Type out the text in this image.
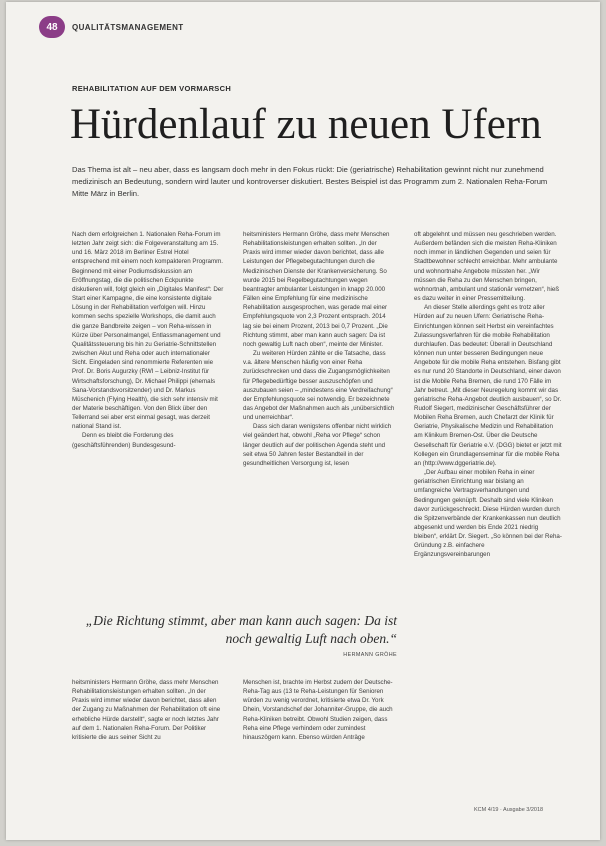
48	QUALITÄTSMANAGEMENT
REHABILITATION AUF DEM VORMARSCH
Hürdenlauf zu neuen Ufern
Das Thema ist alt – neu aber, dass es langsam doch mehr in den Fokus rückt: Die (geriatrische) Rehabilitation gewinnt nicht nur zunehmend medizinisch an Bedeutung, sondern wird lauter und kontroverser diskutiert. Bestes Beispiel ist das Programm zum 2. Nationalen Reha-Forum Mitte März in Berlin.

Nach dem erfolgreichen 1. Nationalen Reha-Forum im letzten Jahr zeigt sich: die Folgeveranstaltung am 15. und 16. März 2018 im Berliner Estrel Hotel entsprechend mit einem noch kompakteren Programm. Beginnend mit einer Podiumsdiskussion am Eröffnungstag, die die politischen Eckpunkte diskutieren will, folgt gleich ein „Digitales Manifest“: Der Start einer Kampagne, die eine konsistente digitale Lösung in der Rehabilitation verfolgen will. Hinzu kommen sechs spezielle Workshops, die damit auch die ganze Bandbreite zeigen – von Reha-wissen in Kürze über Personalmangel, Entlassmanagement und Qualitätssteuerung bis hin zu Geriatrie-Schnittstellen zwischen Akut und Reha oder auch internationaler Sicht. Eingeladen sind renommierte Referenten wie Prof. Dr. Boris Augurzky (RWI – Leibniz-Institut für Wirtschaftsforschung), Dr. Michael Philippi (ehemals Sana-Vorstandsvorsitzender) und Dr. Markus Müschenich (Flying Health), die sich sehr intensiv mit der Materie beschäftigen. Von den Blick über den Tellerrand sei aber erst einmal gesagt, was derzeit national Stand ist.

Denn es bleibt die Forderung des (geschäftsführenden) Bundesgesund-

heitsministers Hermann Gröhe, dass mehr Menschen Rehabilitationsleistungen erhalten sollten. „In der Praxis wird immer wieder davon berichtet, dass alle Leistungen der Pflegebegutachtungen durch die Medizinischen Dienste der Krankenversicherung. So wurde 2015 bei Regelbegutachtungen wegen beantragter ambulanter Leistungen in knapp 20.000 Fällen eine Empfehlung für eine medizinische Rehabilitation ausgesprochen, was gerade mal einer Empfehlungsquote von 2,3 Prozent entsprach. 2014 lag sie bei einem Prozent, 2013 bei 0,7 Prozent. „Die Richtung stimmt, aber man kann auch sagen: Da ist noch gewaltig Luft nach oben“, meinte der Minister.

Zu weiteren Hürden zählte er die Tatsache, dass v.a. ältere Menschen häufig von einer Reha zurückschrecken und dass die Zugangsmöglichkeiten für Pflegebedürftige besser auszuschöpfen und auszubauen seien – „mindestens eine Verdreifachung“ der Empfehlungsquote sei notwendig. Er bezeichnete das Angebot der Maßnahmen auch als „unübersichtlich und unerreichbar“.

Dass sich daran wenigstens offenbar nicht wirklich viel geändert hat, obwohl „Reha vor Pflege“ schon länger deutlich auf der politischen Agenda steht und seit etwa 50 Jahren fester Bestandteil in der gesundheitlichen Versorgung ist, lesen

oft abgelehnt und müssen neu geschrieben werden. Außerdem befänden sich die meisten Reha-Kliniken noch immer in ländlichen Gegenden und seien für Stadtbewohner schlecht erreichbar. Mehr ambulante und wohnortnahe Angebote müssten her. „Wir müssen die Reha zu den Menschen bringen, wohnortnah, ambulant und stationär vernetzen“, hieß es dazu weiter in einer Pressemitteilung.

An dieser Stelle allerdings geht es trotz aller Hürden auf zu neuen Ufern: Geriatrische Reha-Einrichtungen können seit Herbst ein vereinfachtes Zulassungsverfahren für die mobile Rehabilitation durchlaufen. Das bedeutet: Überall in Deutschland können nun unter besseren Bedingungen neue Angebote für die mobile Reha entstehen. Bisfang gibt es nur rund 20 Standorte in Deutschland, einer davon ist die Mobile Reha Bremen, die rund 170 Fälle im Jahr betreut. „Mit dieser Neuregelung kommt wir das geriatrische Reha-Angebot deutlich ausbauen“, so Dr. Rudolf Siegert, medizinischer Geschäftsführer der Mobilen Reha Bremen, auch Chefarzt der Klinik für Geriatrie, Physikalische Medizin und Rehabilitation am Klinikum Bremen-Ost. Über die Deutsche Gesellschaft für Geriatrie e.V. (DGG) bietet er jetzt mit Kollegen ein Grundlagenseminar für die mobile Reha an (http://www.dggeriatrie.de).

„Der Aufbau einer mobilen Reha in einer geriatrischen Einrichtung war bislang an umfangreiche Vertragsverhandlungen und Bedingungen geknüpft. Deshalb sind viele Kliniken davor zurückgeschreckt. Diese Hürden wurden durch die Spitzenverbände der Krankenkassen nun deutlich abgesenkt und werden bis Ende 2021 niedrig bleiben“, erklärt Dr. Siegert. „So können bei der Reha-Gründung z.B. einfachere Ergänzungsvereinbarungen

„Die Richtung stimmt, aber man kann auch sagen: Da ist noch gewaltig Luft nach oben.“
HERMANN GRÖHE

heitsministers Hermann Gröhe, dass mehr Menschen Rehabilitationsleistungen erhalten sollten. „In der Praxis wird immer wieder davon berichtet, dass allen der Zugang zu Maßnahmen der Rehabilitation oft eine erhebliche Hürde darstellt“, sagte er noch letztes Jahr auf dem 1. Nationalen Reha-Forum. Der Politiker kritisierte die aus seiner Sicht zu

Menschen ist, brachte im Herbst zudem der Deutsche-Reha-Tag aus (13 te Reha-Leistungen für Senioren würden zu wenig verordnet, kritisierte etwa Dr. York Dhein, Vorstandschef der Johanniter-Gruppe, die auch Reha-Kliniken betreibt. Obwohl Studien zeigen, dass Reha eine Pflege verhindern oder zumindest hinauszögern kann. Ebenso würden Anträge

KCM 4/19 · Ausgabe 3/2018
